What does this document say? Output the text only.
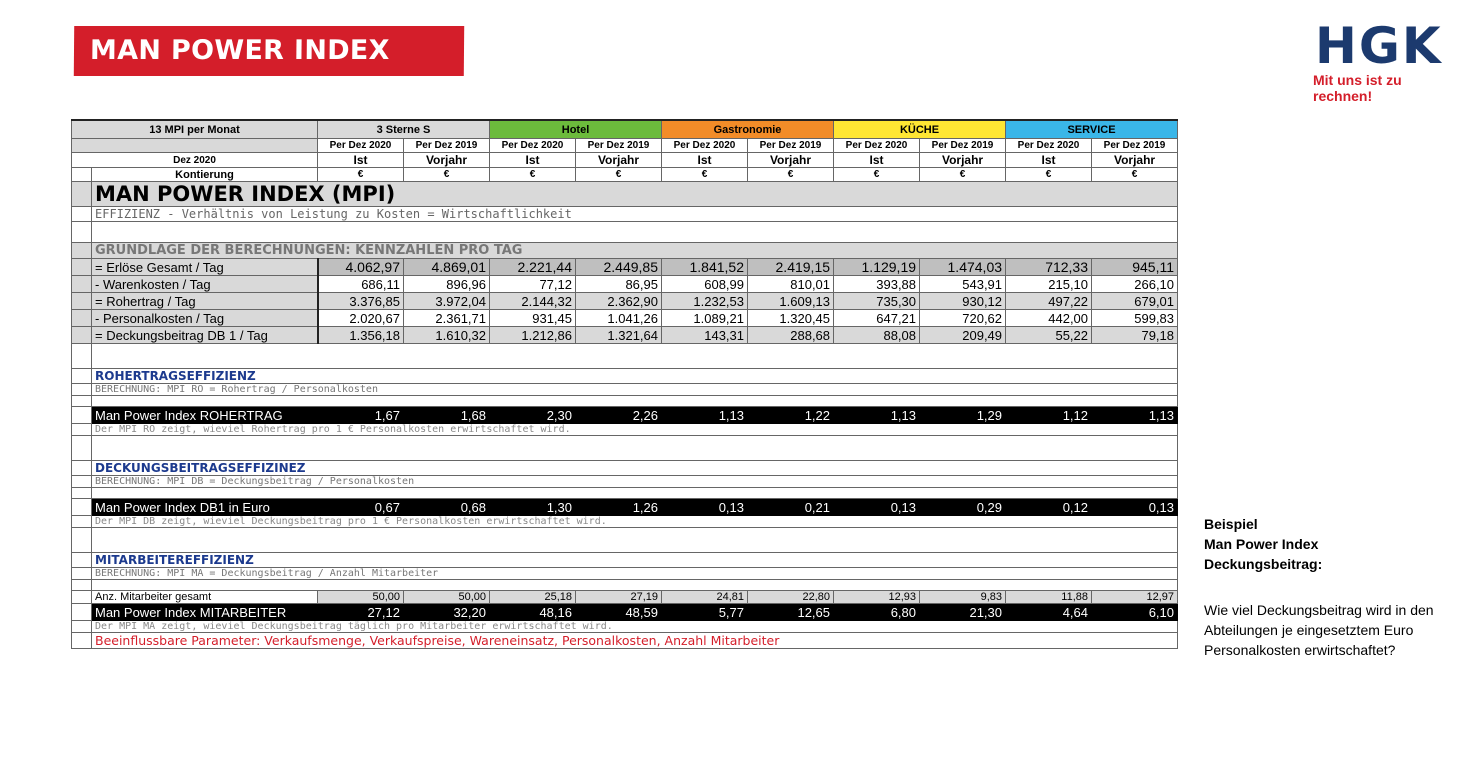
MAN POWER INDEX (MPI)
HGK
Mit uns ist zu rechnen!
13 MPI per Monat		3 Sterne S		Hotel		Gastronomie		KÜCHE		SERVICE	
		Per Dez 2020	Per Dez 2019	Per Dez 2020	Per Dez 2019	Per Dez 2020	Per Dez 2019	Per Dez 2020	Per Dez 2019	Per Dez 2020	Per Dez 2019
Dez 2020		Ist	Vorjahr	Ist	Vorjahr	Ist	Vorjahr	Ist	Vorjahr	Ist	Vorjahr
	Kontierung	€	€	€	€	€	€	€	€	€	€
	MAN POWER INDEX (MPI)										
	EFFIZIENZ - Verhältnis von Leistung zu Kosten = Wirtschaftlichkeit										

	GRUNDLAGE DER BERECHNUNGEN: KENNZAHLEN PRO TAG										
	= Erlöse Gesamt / Tag	4.062,97	4.869,01	2.221,44	2.449,85	1.841,52	2.419,15	1.129,19	1.474,03	712,33	945,11
	- Warenkosten / Tag	686,11	896,96	77,12	86,95	608,99	810,01	393,88	543,91	215,10	266,10
	= Rohertrag / Tag	3.376,85	3.972,04	2.144,32	2.362,90	1.232,53	1.609,13	735,30	930,12	497,22	679,01
	- Personalkosten / Tag	2.020,67	2.361,71	931,45	1.041,26	1.089,21	1.320,45	647,21	720,62	442,00	599,83
	= Deckungsbeitrag DB 1 / Tag	1.356,18	1.610,32	1.212,86	1.321,64	143,31	288,68	88,08	209,49	55,22	79,18

	ROHERTRAGSEFFIZIENZ										
	BERECHNUNG: MPI RO = Rohertrag / Personalkosten										

	Man Power Index ROHERTRAG	1,67	1,68	2,30	2,26	1,13	1,22	1,13	1,29	1,12	1,13
	Der MPI RO zeigt, wieviel Rohertrag pro 1 € Personalkosten erwirtschaftet wird.										

	DECKUNGSBEITRAGSEFFIZINEZ										
	BERECHNUNG: MPI DB = Deckungsbeitrag / Personalkosten										

	Man Power Index DB1 in Euro	0,67	0,68	1,30	1,26	0,13	0,21	0,13	0,29	0,12	0,13
	Der MPI DB zeigt, wieviel Deckungsbeitrag pro 1 € Personalkosten erwirtschaftet wird.										

	MITARBEITEREFFIZIENZ										
	BERECHNUNG: MPI MA = Deckungsbeitrag / Anzahl Mitarbeiter										

	Anz. Mitarbeiter gesamt	50,00	50,00	25,18	27,19	24,81	22,80	12,93	9,83	11,88	12,97
	Man Power Index MITARBEITER	27,12	32,20	48,16	48,59	5,77	12,65	6,80	21,30	4,64	6,10
	Der MPI MA zeigt, wieviel Deckungsbeitrag täglich pro Mitarbeiter erwirtschaftet wird.										
	Beeinflussbare Parameter: Verkaufsmenge, Verkaufspreise, Wareneinsatz, Personalkosten, Anzahl Mitarbeiter										

Beispiel

Man Power Index

Deckungsbeitrag:

Wie viel Deckungsbeitrag wird in den Abteilungen je eingesetztem Euro Personalkosten erwirtschaftet?
